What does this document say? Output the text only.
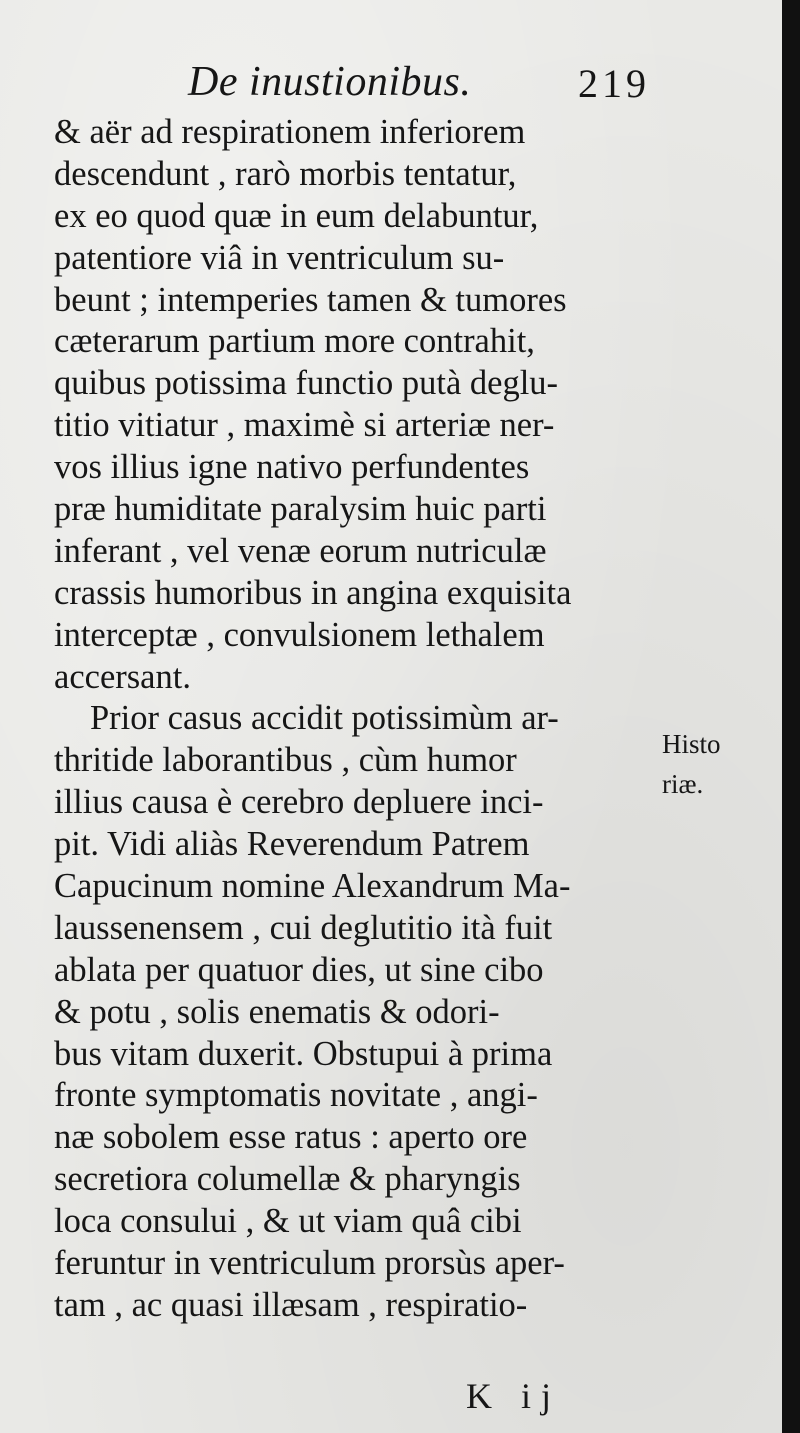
De inustionibus.	219
& aër ad respirationem inferiorem
descendunt , rarò morbis tentatur,
ex eo quod quæ in eum delabuntur,
patentiore viâ in ventriculum su-
beunt ; intemperies tamen & tumores
cæterarum partium more contrahit,
quibus potissima functio putà deglu-
titio vitiatur , maximè si arteriæ ner-
vos illius igne nativo perfundentes
præ humiditate paralysim huic parti
inferant , vel venæ eorum nutriculæ
crassis humoribus in angina exquisita
interceptæ , convulsionem lethalem
accersant.
Prior casus accidit potissimùm ar-
thritide laborantibus , cùm humor
illius causa è cerebro depluere inci-
pit. Vidi aliàs Reverendum Patrem
Capucinum nomine Alexandrum Ma-
laussenensem , cui deglutitio ità fuit
ablata per quatuor dies, ut sine cibo
& potu , solis enematis & odori-
bus vitam duxerit. Obstupui à prima
fronte symptomatis novitate , angi-
næ sobolem esse ratus : aperto ore
secretiora columellæ & pharyngis
loca consului , & ut viam quâ cibi
feruntur in ventriculum prorsùs aper-
tam , ac quasi illæsam , respiratio-
Histo
riæ.
K ij
